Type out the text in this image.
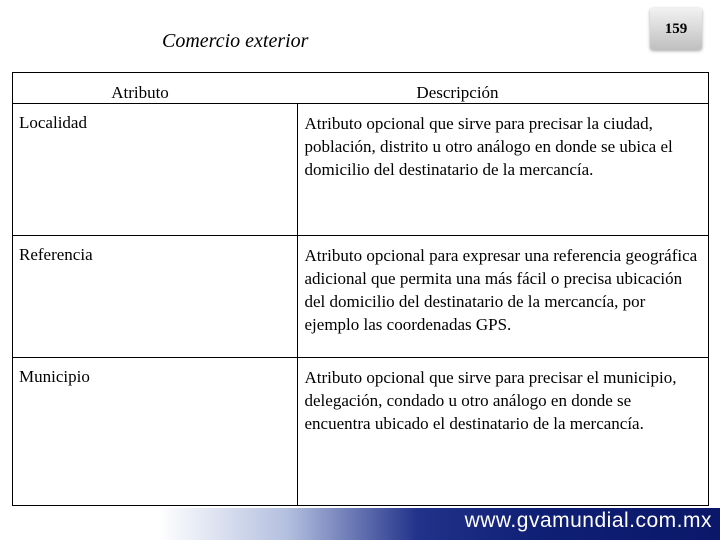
Comercio exterior
159
Atributo	Descripción
Localidad	Atributo opcional que sirve para precisar la ciudad, población, distrito u otro análogo en donde se ubica el domicilio del destinatario de la mercancía.
Referencia	Atributo opcional para expresar una referencia geográfica adicional que permita una más fácil o precisa ubicación del domicilio del destinatario de la mercancía, por ejemplo las coordenadas GPS.
Municipio	Atributo opcional que sirve para precisar el municipio, delegación, condado u otro análogo en donde se encuentra ubicado el destinatario de la mercancía.
www.gvamundial.com.mx
